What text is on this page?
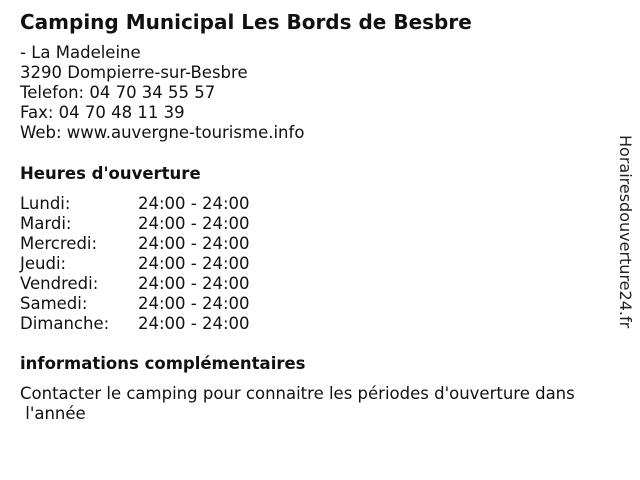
Camping Municipal Les Bords de Besbre
- La Madeleine
3290 Dompierre-sur-Besbre
Telefon: 04 70 34 55 57
Fax: 04 70 48 11 39
Web: www.auvergne-tourisme.info
Heures d'ouverture
Lundi:	24:00 - 24:00
Mardi:	24:00 - 24:00
Mercredi: 24:00 - 24:00
Jeudi:	24:00 - 24:00
Vendredi: 24:00 - 24:00
Samedi:	24:00 - 24:00
Dimanche: 24:00 - 24:00
informations complémentaires
Contacter le camping pour connaitre les périodes d'ouverture dans
l'année
Horairesdouverture24.fr
